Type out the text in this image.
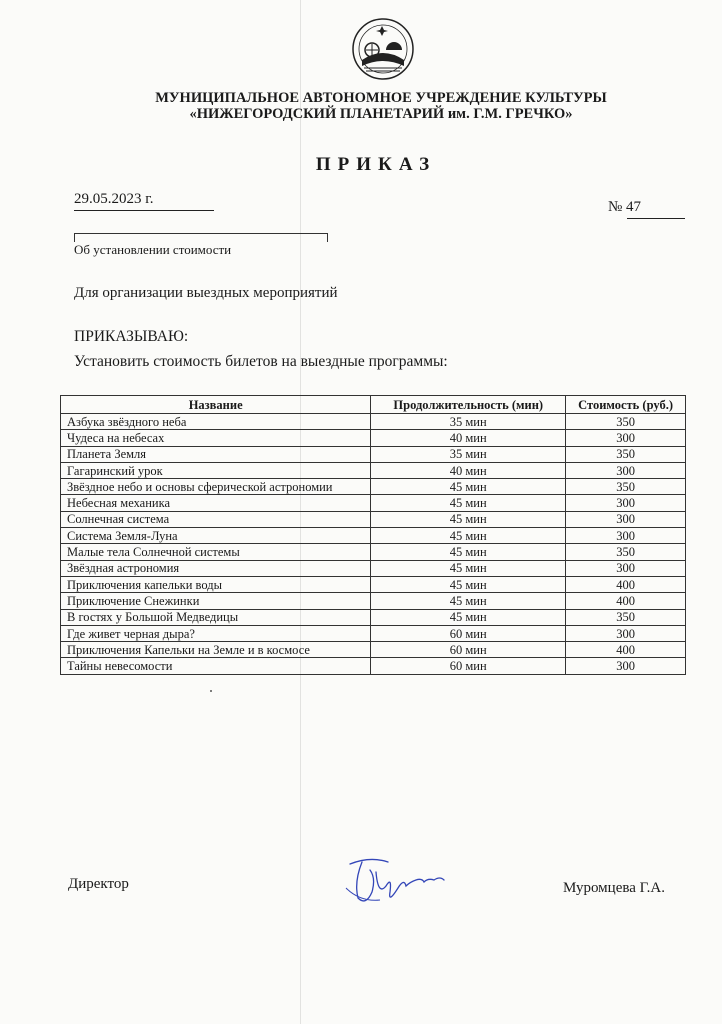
МУНИЦИПАЛЬНОЕ АВТОНОМНОЕ УЧРЕЖДЕНИЕ КУЛЬТУРЫ
«НИЖЕГОРОДСКИЙ ПЛАНЕТАРИЙ им. Г.М. ГРЕЧКО»
ПРИКАЗ
29.05.2023 г.	№ 47
Об установлении стоимости
Для организации выездных мероприятий
ПРИКАЗЫВАЮ:
Установить стоимость билетов на выездные программы:
Название	Продолжительность (мин)	Стоимость (руб.)
Азбука звёздного неба	35 мин	350
Чудеса на небесах	40 мин	300
Планета Земля	35 мин	350
Гагаринский урок	40 мин	300
Звёздное небо и основы сферической астрономии	45 мин	350
Небесная механика	45 мин	300
Солнечная система	45 мин	300
Система Земля-Луна	45 мин	300
Малые тела Солнечной системы	45 мин	350
Звёздная астрономия	45 мин	300
Приключения капельки воды	45 мин	400
Приключение Снежинки	45 мин	400
В гостях у Большой Медведицы	45 мин	350
Где живет черная дыра?	60 мин	300
Приключения Капельки на Земле и в космосе	60 мин	400
Тайны невесомости	60 мин	300
Директор	Муромцева Г.А.
